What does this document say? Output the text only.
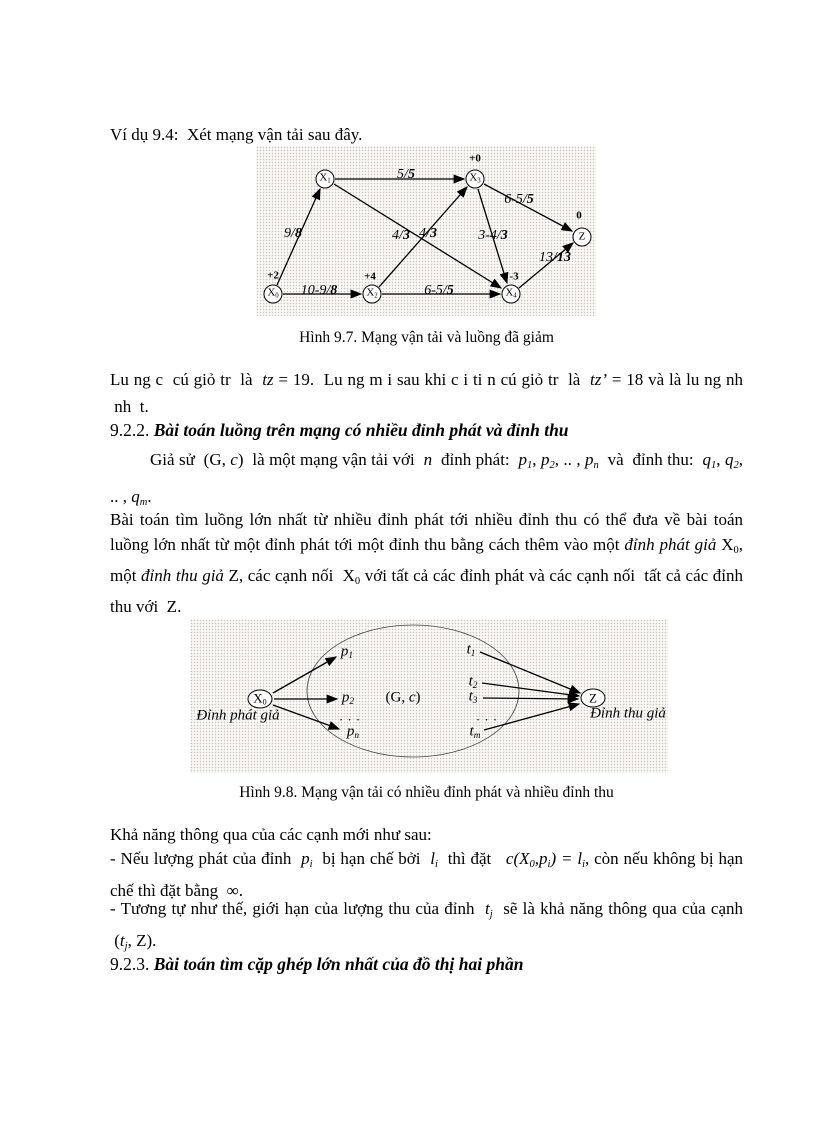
Ví dụ 9.4:  Xét mạng vận tải sau đây.

$X_0$
$X_1$
$X_2$
$X_3$
$X_4$
Z
+2	+4
+0
-3
0
9/8
5/5
4/3 4/3	3-4/3
6-5/5
10-9/8	6-5/5
13/13

Hình 9.7. Mạng vận tải và luồng đã giảm

Lu ng c  cú giỏ tr  là  tz = 19.  Lu ng m i sau khi c i ti n cú giỏ tr  là  tz’ = 18 và là lu ng nh  nh  t.

9.2.2. Bài toán luồng trên mạng có nhiều đỉnh phát và đỉnh thu

Giả sử  (G, c)  là một mạng vận tải với  n  đỉnh phát:  p1, p2, .. , pn  và  đỉnh thu:  q1, q2, .. , qm.

Bài toán tìm luồng lớn nhất từ nhiều đỉnh phát tới nhiều đỉnh thu có thể đưa về bài toán luồng lớn nhất từ một đỉnh phát tới một đỉnh thu bằng cách thêm vào một đỉnh phát giả $X_0$, một đỉnh thu giả Z, các cạnh nối  $X_0$ với tất cả các đỉnh phát và các cạnh nối  tất cả các đỉnh thu với  Z.

$X_0$	Z
$p_1$
$p_2$
. . .
$p_n$
(G, c)
$t_1$
$t_2$
$t_3$
. . .
$t_m$
Đỉnh phát giả	Đỉnh thu giả

Hình 9.8. Mạng vận tải có nhiều đỉnh phát và nhiều đỉnh thu

Khả năng thông qua của các cạnh mới như sau:

- Nếu lượng phát của đỉnh  pi  bị hạn chế bởi  li  thì đặt   c(X0,pi) = li, còn nếu không bị hạn chế thì đặt bằng  ∞.

- Tương tự như thế, giới hạn của lượng thu của đỉnh  tj  sẽ là khả năng thông qua của cạnh  (tj, Z).

9.2.3. Bài toán tìm cặp ghép lớn nhất của đồ thị hai phần
